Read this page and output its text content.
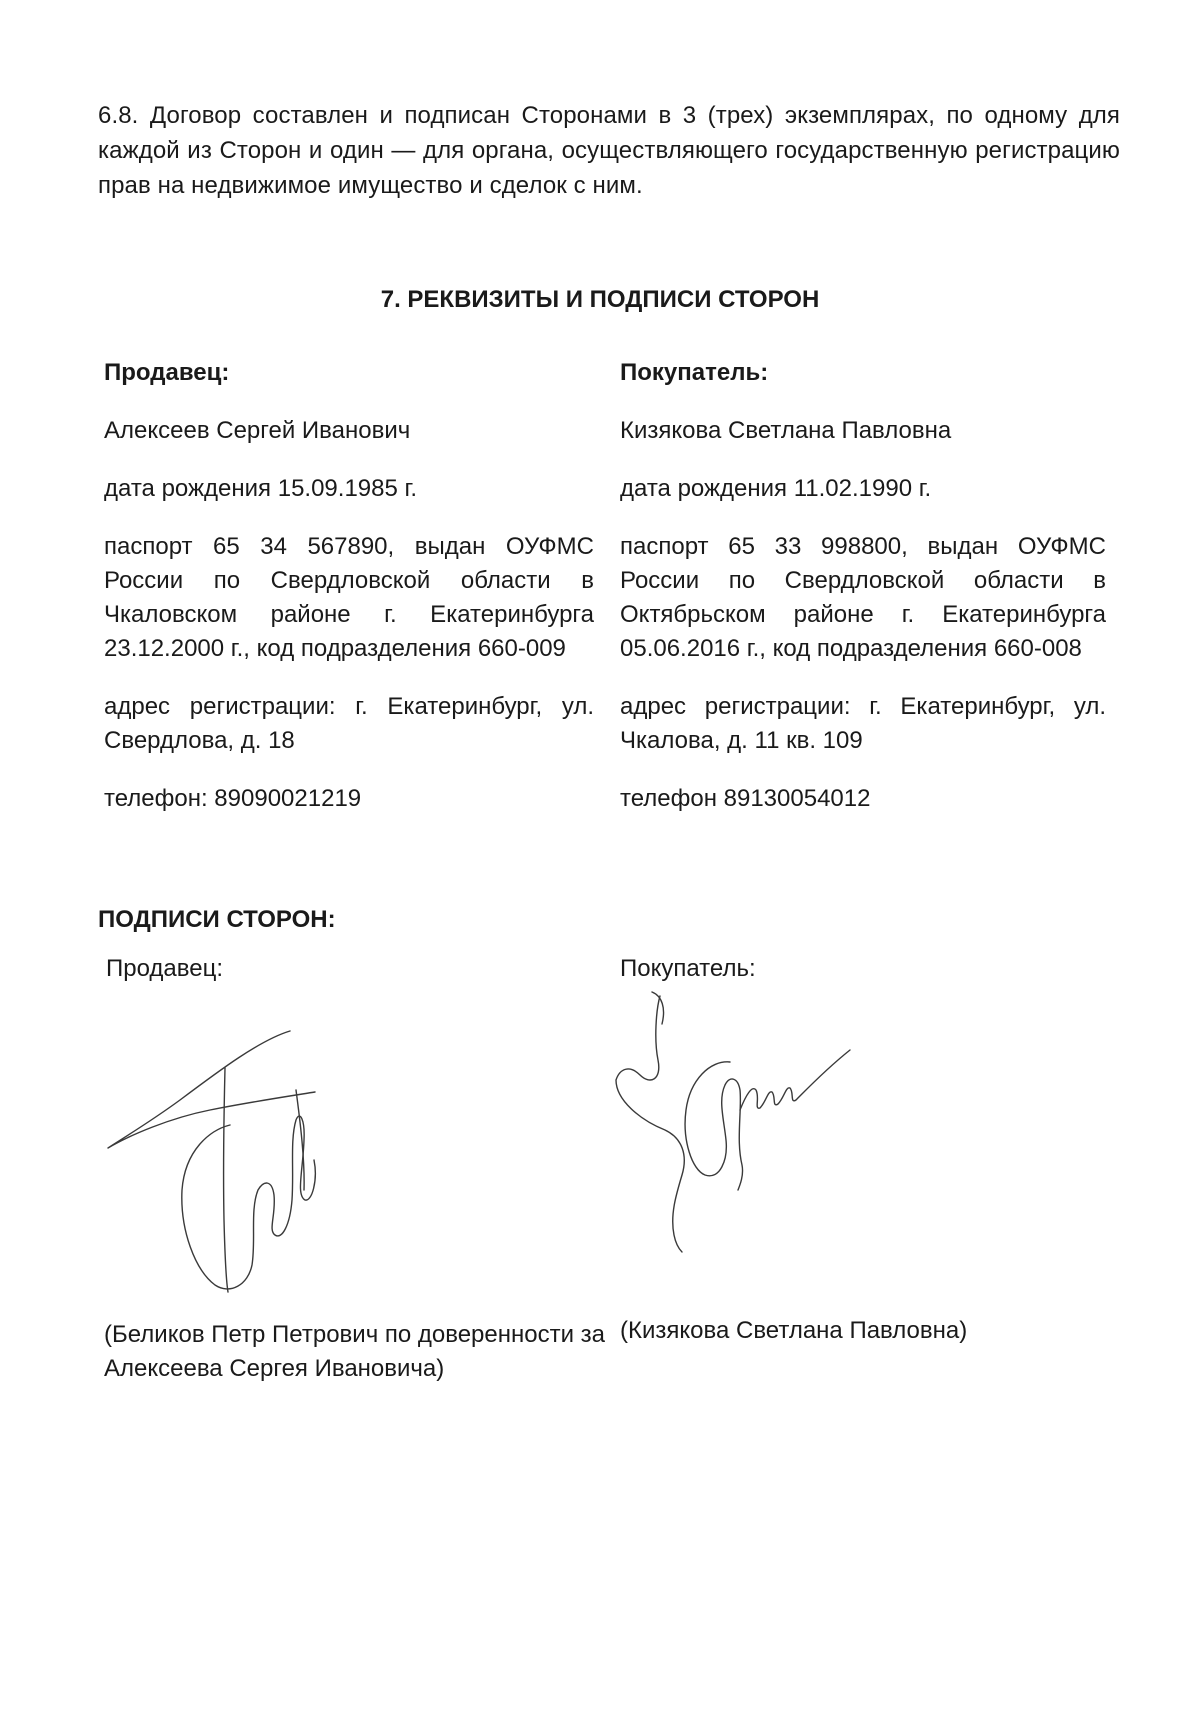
6.8. Договор составлен и подписан Сторонами в 3 (трех) экземплярах, по одному для каждой из Сторон и один — для органа, осуществляющего государственную регистрацию прав на недвижимое имущество и сделок с ним.

7. РЕКВИЗИТЫ И ПОДПИСИ СТОРОН
Продавец:
Алексеев Сергей Иванович
дата рождения 15.09.1985 г.
паспорт 65 34 567890, выдан ОУФМС России по Свердловской области в Чкаловском районе г. Екатеринбурга 23.12.2000 г., код подразделения 660-009
адрес регистрации: г. Екатеринбург, ул. Свердлова, д. 18
телефон: 89090021219
Покупатель:
Кизякова Светлана Павловна
дата рождения 11.02.1990 г.
паспорт 65 33 998800, выдан ОУФМС России по Свердловской области в Октябрьском районе г. Екатеринбурга 05.06.2016 г., код подразделения 660-008
адрес регистрации: г. Екатеринбург, ул. Чкалова, д. 11 кв. 109
телефон 89130054012
ПОДПИСИ СТОРОН:
Продавец:	Покупатель:
(Беликов Петр Петрович по доверенности за Алексеева Сергея Ивановича)
(Кизякова Светлана Павловна)
